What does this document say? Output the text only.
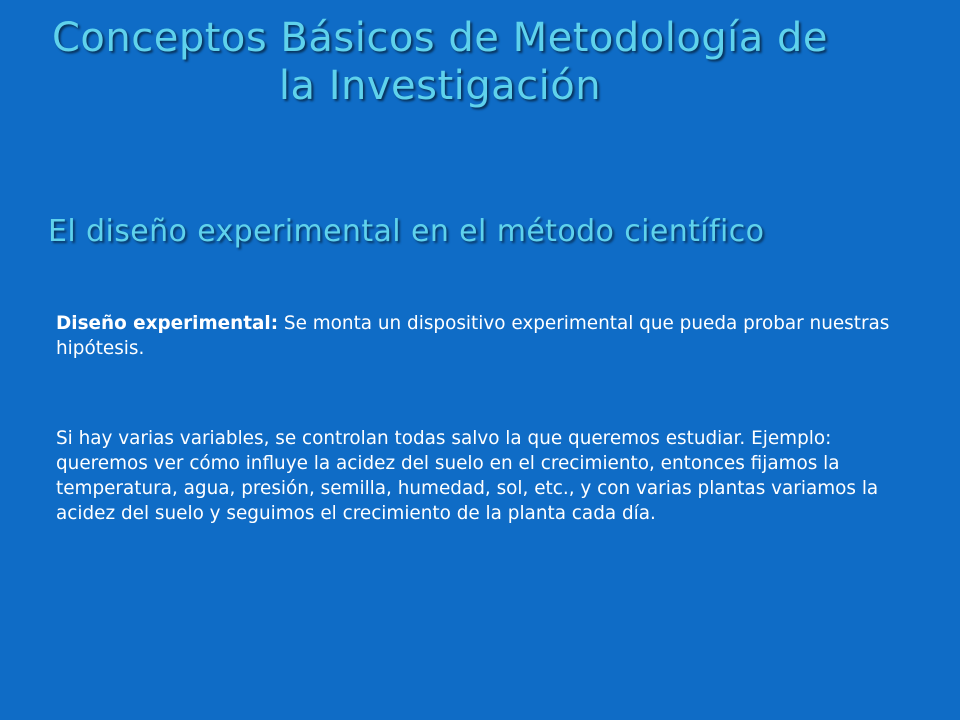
Conceptos Básicos de Metodología de
la Investigación
El diseño experimental en el método científico
Diseño experimental: Se monta un dispositivo experimental que pueda probar nuestras hipótesis.
Si hay varias variables, se controlan todas salvo la que queremos estudiar. Ejemplo: queremos ver cómo influye la acidez del suelo en el crecimiento, entonces fijamos la temperatura, agua, presión, semilla, humedad, sol, etc., y con varias plantas variamos la acidez del suelo y seguimos el crecimiento de la planta cada día.
